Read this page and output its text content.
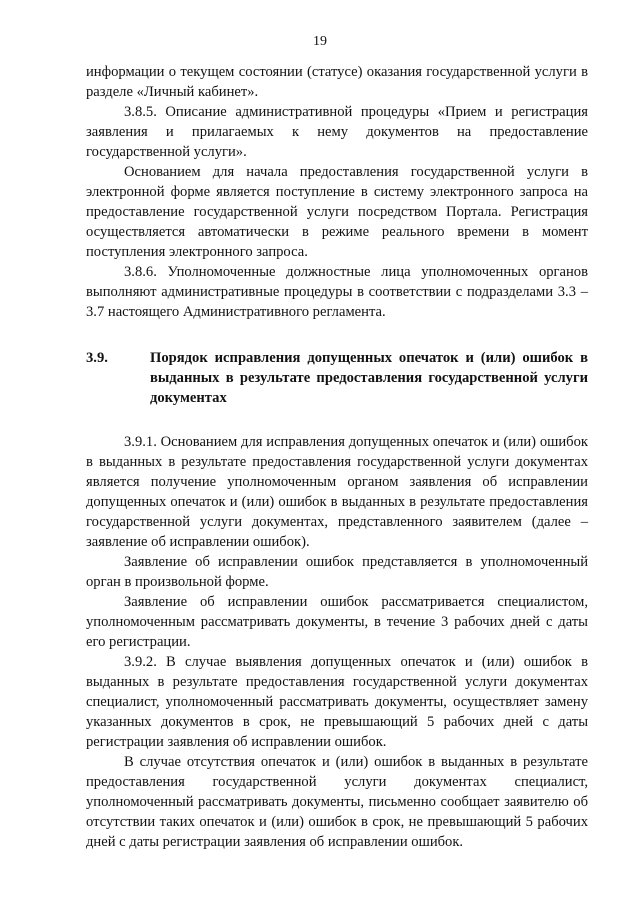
19

информации о текущем состоянии (статусе) оказания государственной услуги в разделе «Личный кабинет».

3.8.5. Описание административной процедуры «Прием и регистрация заявления и прилагаемых к нему документов на предоставление государственной услуги».

Основанием для начала предоставления государственной услуги в электронной форме является поступление в систему электронного запроса на предоставление государственной услуги посредством Портала. Регистрация осуществляется автоматически в режиме реального времени в момент поступления электронного запроса.

3.8.6. Уполномоченные должностные лица уполномоченных органов выполняют административные процедуры в соответствии с подразделами 3.3 – 3.7 настоящего Административного регламента.

3.9.	Порядок исправления допущенных опечаток и (или) ошибок в выданных в результате предоставления государственной услуги документах

3.9.1. Основанием для исправления допущенных опечаток и (или) ошибок в выданных в результате предоставления государственной услуги документах является получение уполномоченным органом заявления об исправлении допущенных опечаток и (или) ошибок в выданных в результате предоставления государственной услуги документах, представленного заявителем (далее – заявление об исправлении ошибок).

Заявление об исправлении ошибок представляется в уполномоченный орган в произвольной форме.

Заявление об исправлении ошибок рассматривается специалистом, уполномоченным рассматривать документы, в течение 3 рабочих дней с даты его регистрации.

3.9.2. В случае выявления допущенных опечаток и (или) ошибок в выданных в результате предоставления государственной услуги документах специалист, уполномоченный рассматривать документы, осуществляет замену указанных документов в срок, не превышающий 5 рабочих дней с даты регистрации заявления об исправлении ошибок.

В случае отсутствия опечаток и (или) ошибок в выданных в результате предоставления государственной услуги документах специалист, уполномоченный рассматривать документы, письменно сообщает заявителю об отсутствии таких опечаток и (или) ошибок в срок, не превышающий 5 рабочих дней с даты регистрации заявления об исправлении ошибок.
